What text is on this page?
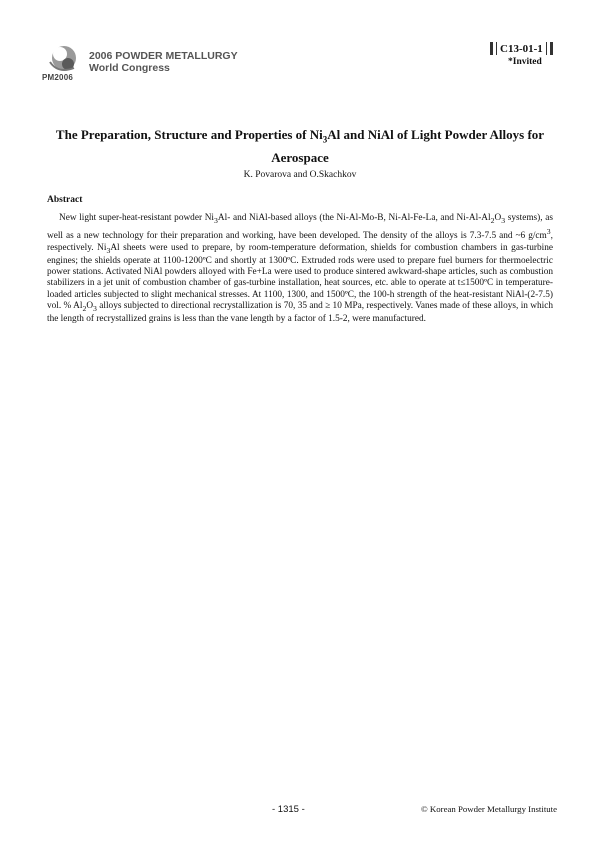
PM2006
2006 POWDER METALLURGY
World Congress
C13-01-1
*Invited
The Preparation, Structure and Properties of $Ni_3Al$ and NiAl of Light Powder Alloys for Aerospace
K. Povarova and O.Skachkov
Abstract

New light super-heat-resistant powder $Ni_3Al-$ and NiAl-based alloys (the Ni-Al-Mo-B, Ni-Al-Fe-La, and $Ni-Al-Al_2O_3$ systems), as well as a new technology for their preparation and working, have been developed. The density of the alloys is 7.3-7.5 and ~6 $g/cm^3$, respectively. $Ni_3Al$ sheets were used to prepare, by room-temperature deformation, shields for combustion chambers in gas-turbine engines; the shields operate at 1100-1200ºC and shortly at 1300ºC. Extruded rods were used to prepare fuel burners for thermoelectric power stations. Activated NiAl powders alloyed with Fe+La were used to produce sintered awkward-shape articles, such as combustion stabilizers in a jet unit of combustion chamber of gas-turbine installation, heat sources, etc. able to operate at t≤1500ºC in temperature-loaded articles subjected to slight mechanical stresses. At 1100, 1300, and 1500ºC, the 100-h strength of the heat-resistant NiAl-(2-7.5) vol. % $Al_2O_3$ alloys subjected to directional recrystallization is 70, 35 and ≥ 10 MPa, respectively. Vanes made of these alloys, in which the length of recrystallized grains is less than the vane length by a factor of 1.5-2, were manufactured.

- 1315 -	© Korean Powder Metallurgy Institute
